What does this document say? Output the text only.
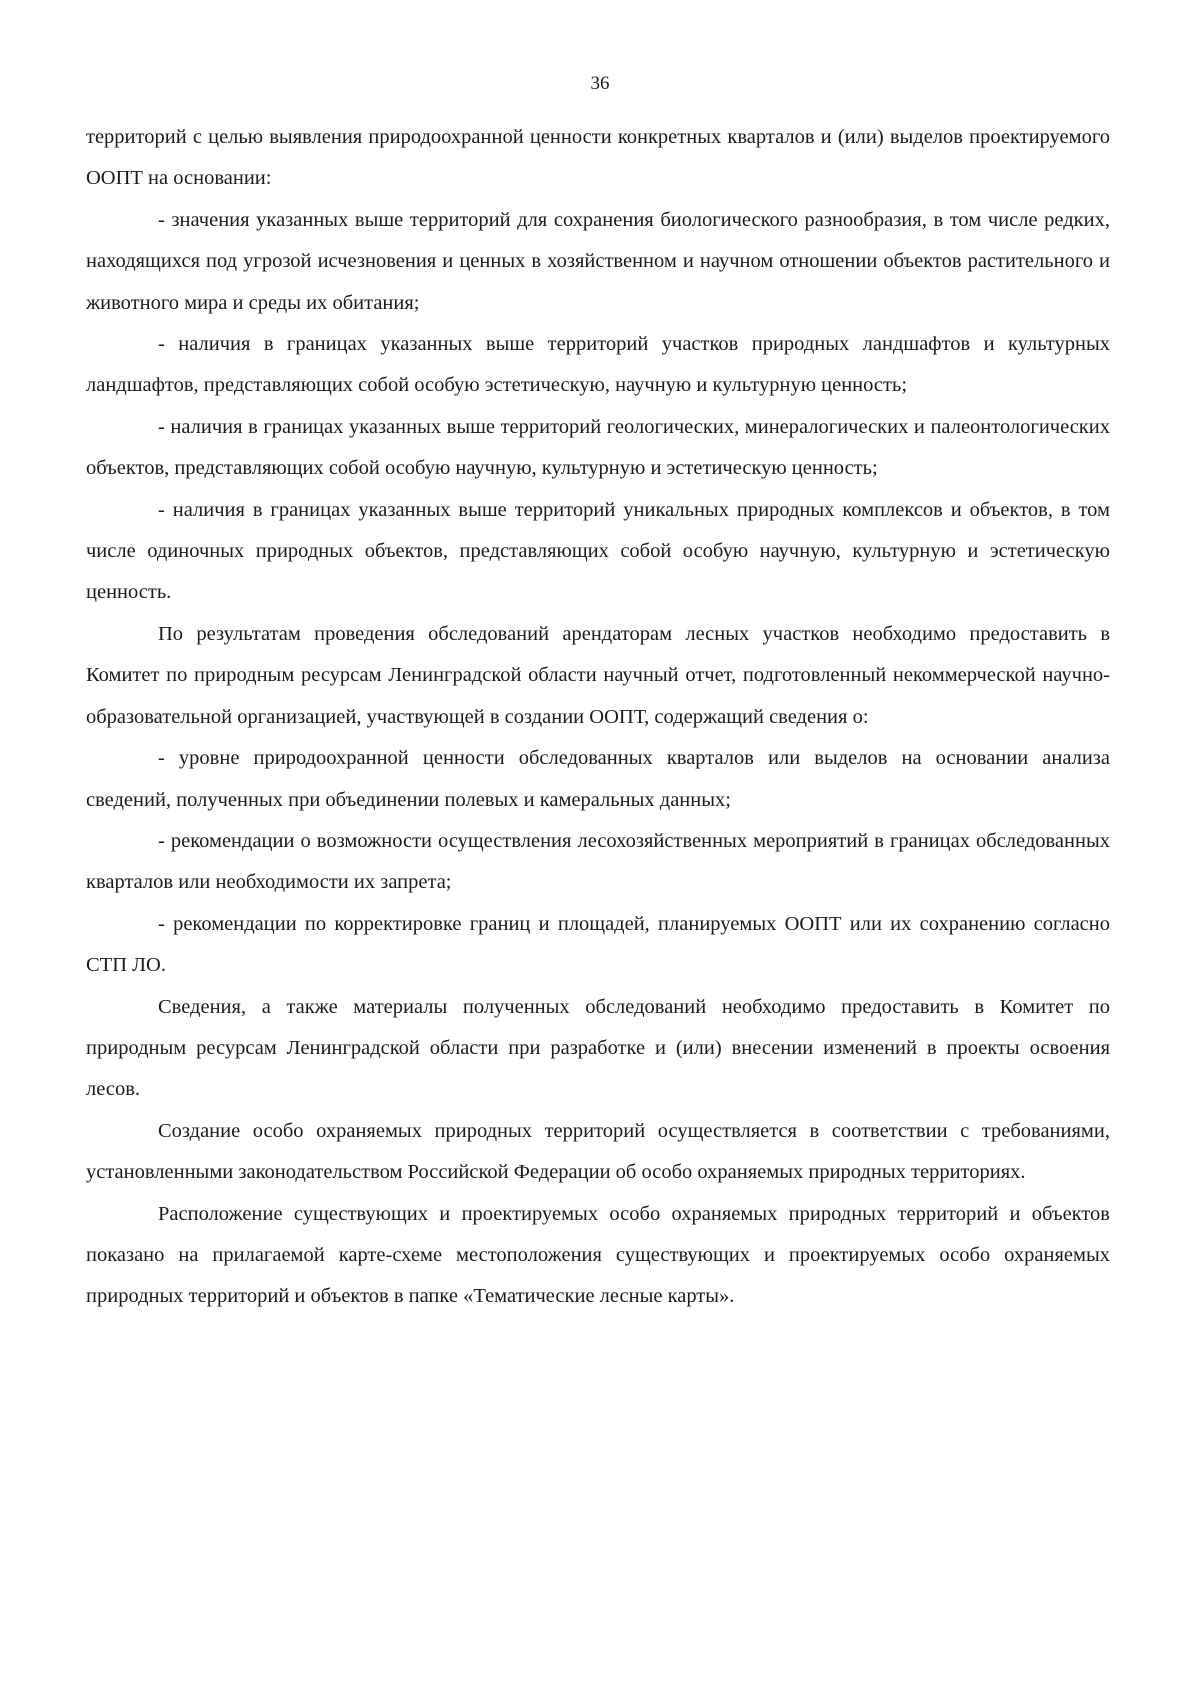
36

территорий с целью выявления природоохранной ценности конкретных кварталов и (или) выделов проектируемого ООПТ на основании:

- значения указанных выше территорий для сохранения биологического разнообразия, в том числе редких, находящихся под угрозой исчезновения и ценных в хозяйственном и научном отношении объектов растительного и животного мира и среды их обитания;

- наличия в границах указанных выше территорий участков природных ландшафтов и культурных ландшафтов, представляющих собой особую эстетическую, научную и культурную ценность;

- наличия в границах указанных выше территорий геологических, минералогических и палеонтологических объектов, представляющих собой особую научную, культурную и эстетическую ценность;

- наличия в границах указанных выше территорий уникальных природных комплексов и объектов, в том числе одиночных природных объектов, представляющих собой особую научную, культурную и эстетическую ценность.

По результатам проведения обследований арендаторам лесных участков необходимо предоставить в Комитет по природным ресурсам Ленинградской области научный отчет, подготовленный некоммерческой научно-образовательной организацией, участвующей в создании ООПТ, содержащий сведения о:

- уровне природоохранной ценности обследованных кварталов или выделов на основании анализа сведений, полученных при объединении полевых и камеральных данных;

- рекомендации о возможности осуществления лесохозяйственных мероприятий в границах обследованных кварталов или необходимости их запрета;

- рекомендации по корректировке границ и площадей, планируемых ООПТ или их сохранению согласно СТП ЛО.

Сведения, а также материалы полученных обследований необходимо предоставить в Комитет по природным ресурсам Ленинградской области при разработке и (или) внесении изменений в проекты освоения лесов.

Создание особо охраняемых природных территорий осуществляется в соответствии с требованиями, установленными законодательством Российской Федерации об особо охраняемых природных территориях.

Расположение существующих и проектируемых особо охраняемых природных территорий и объектов показано на прилагаемой карте-схеме местоположения существующих и проектируемых особо охраняемых природных территорий и объектов в папке «Тематические лесные карты».
